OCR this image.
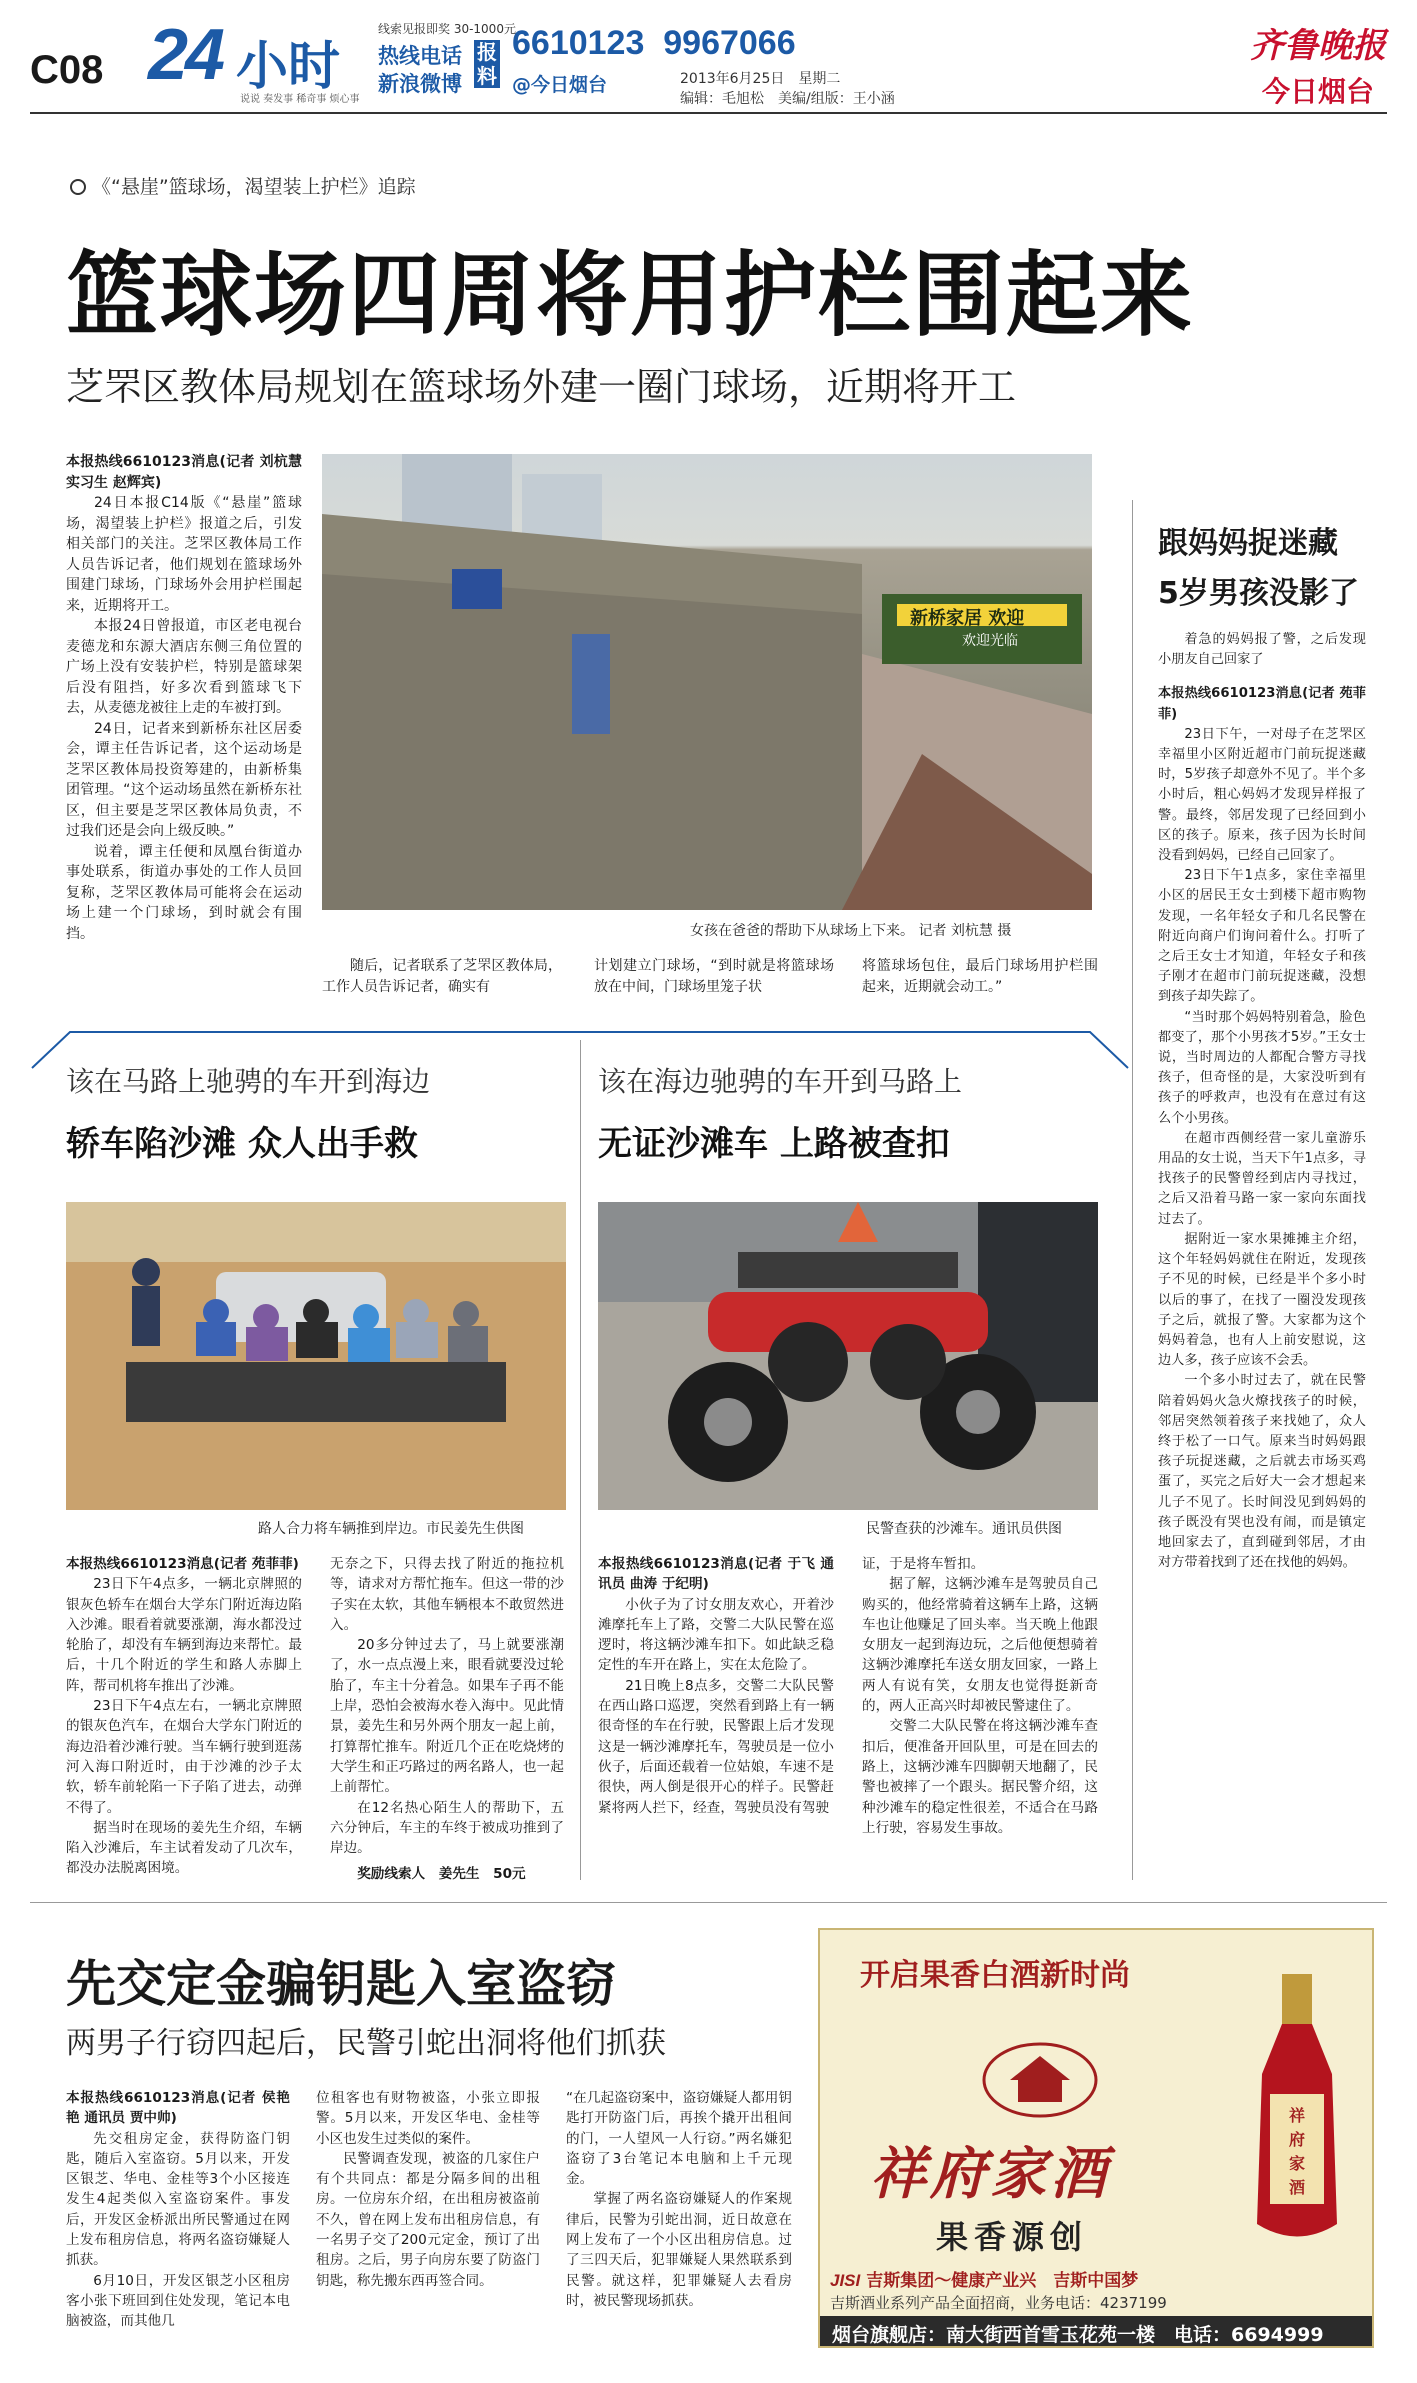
C08 24 小时
说说 奏发事 稀奇事 烦心事
线索见报即奖 30-1000元
热线电话
新浪微博
报料
6610123  9967066
@今日烟台	2013年6月25日　星期二
编辑：毛旭松　美编/组版：王小涵
齐鲁晚报
今日烟台
《“悬崖”篮球场，渴望装上护栏》追踪
篮球场四周将用护栏围起来
芝罘区教体局规划在篮球场外建一圈门球场，近期将开工

本报热线6610123消息(记者 刘杭慧 实习生 赵辉宾)

24日本报C14版《“悬崖”篮球场，渴望装上护栏》报道之后，引发相关部门的关注。芝罘区教体局工作人员告诉记者，他们规划在篮球场外围建门球场，门球场外会用护栏围起来，近期将开工。

本报24日曾报道，市区老电视台麦德龙和东源大酒店东侧三角位置的广场上没有安装护栏，特别是篮球架后没有阻挡，好多次看到篮球飞下去，从麦德龙被往上走的车被打到。

24日，记者来到新桥东社区居委会，谭主任告诉记者，这个运动场是芝罘区教体局投资筹建的，由新桥集团管理。“这个运动场虽然在新桥东社区，但主要是芝罘区教体局负责，不过我们还是会向上级反映。”

说着，谭主任便和凤凰台街道办事处联系，街道办事处的工作人员回复称，芝罘区教体局可能将会在运动场上建一个门球场，到时就会有围挡。

新桥家居 欢迎
欢迎光临
女孩在爸爸的帮助下从球场上下来。 记者 刘杭慧 摄

随后，记者联系了芝罘区教体局，工作人员告诉记者，确实有

计划建立门球场，“到时就是将篮球场放在中间，门球场里笼子状

将篮球场包住，最后门球场用护栏围起来，近期就会动工。”

跟妈妈捉迷藏
5岁男孩没影了

着急的妈妈报了警，之后发现小朋友自己回家了

本报热线6610123消息(记者 苑菲菲)

23日下午，一对母子在芝罘区幸福里小区附近超市门前玩捉迷藏时，5岁孩子却意外不见了。半个多小时后，粗心妈妈才发现异样报了警。最终，邻居发现了已经回到小区的孩子。原来，孩子因为长时间没看到妈妈，已经自己回家了。

23日下午1点多，家住幸福里小区的居民王女士到楼下超市购物发现，一名年轻女子和几名民警在附近向商户们询问着什么。打听了之后王女士才知道，年轻女子和孩子刚才在超市门前玩捉迷藏，没想到孩子却失踪了。

“当时那个妈妈特别着急，脸色都变了，那个小男孩才5岁。”王女士说，当时周边的人都配合警方寻找孩子，但奇怪的是，大家没听到有孩子的呼救声，也没有在意过有这么个小男孩。

在超市西侧经营一家儿童游乐用品的女士说，当天下午1点多，寻找孩子的民警曾经到店内寻找过，之后又沿着马路一家一家向东面找过去了。

据附近一家水果摊摊主介绍，这个年轻妈妈就住在附近，发现孩子不见的时候，已经是半个多小时以后的事了，在找了一圈没发现孩子之后，就报了警。大家都为这个妈妈着急，也有人上前安慰说，这边人多，孩子应该不会丢。

一个多小时过去了，就在民警陪着妈妈火急火燎找孩子的时候，邻居突然领着孩子来找她了，众人终于松了一口气。原来当时妈妈跟孩子玩捉迷藏，之后就去市场买鸡蛋了，买完之后好大一会才想起来儿子不见了。长时间没见到妈妈的孩子既没有哭也没有闹，而是镇定地回家去了，直到碰到邻居，才由对方带着找到了还在找他的妈妈。

该在马路上驰骋的车开到海边
轿车陷沙滩 众人出手救
路人合力将车辆推到岸边。市民姜先生供图

本报热线6610123消息(记者 苑菲菲)

23日下午4点多，一辆北京牌照的银灰色轿车在烟台大学东门附近海边陷入沙滩。眼看着就要涨潮，海水都没过轮胎了，却没有车辆到海边来帮忙。最后，十几个附近的学生和路人赤脚上阵，帮司机将车推出了沙滩。

23日下午4点左右，一辆北京牌照的银灰色汽车，在烟台大学东门附近的海边沿着沙滩行驶。当车辆行驶到逛荡河入海口附近时，由于沙滩的沙子太软，轿车前轮陷一下子陷了进去，动弹不得了。

据当时在现场的姜先生介绍，车辆陷入沙滩后，车主试着发动了几次车，都没办法脱离困境。

无奈之下，只得去找了附近的拖拉机等，请求对方帮忙拖车。但这一带的沙子实在太软，其他车辆根本不敢贸然进入。

20多分钟过去了，马上就要涨潮了，水一点点漫上来，眼看就要没过轮胎了，车主十分着急。如果车子再不能上岸，恐怕会被海水卷入海中。见此情景，姜先生和另外两个朋友一起上前，打算帮忙推车。附近几个正在吃烧烤的大学生和正巧路过的两名路人，也一起上前帮忙。

在12名热心陌生人的帮助下，五六分钟后，车主的车终于被成功推到了岸边。

奖励线索人　姜先生　50元

该在海边驰骋的车开到马路上
无证沙滩车 上路被查扣
民警查获的沙滩车。通讯员供图

本报热线6610123消息(记者 于飞 通讯员 曲涛 于纪明)

小伙子为了讨女朋友欢心，开着沙滩摩托车上了路，交警二大队民警在巡逻时，将这辆沙滩车扣下。如此缺乏稳定性的车开在路上，实在太危险了。

21日晚上8点多，交警二大队民警在西山路口巡逻，突然看到路上有一辆很奇怪的车在行驶，民警跟上后才发现这是一辆沙滩摩托车，驾驶员是一位小伙子，后面还载着一位姑娘，车速不是很快，两人倒是很开心的样子。民警赶紧将两人拦下，经查，驾驶员没有驾驶

证，于是将车暂扣。

据了解，这辆沙滩车是驾驶员自己购买的，他经常骑着这辆车上路，这辆车也让他赚足了回头率。当天晚上他跟女朋友一起到海边玩，之后他便想骑着这辆沙滩摩托车送女朋友回家，一路上两人有说有笑，女朋友也觉得挺新奇的，两人正高兴时却被民警逮住了。

交警二大队民警在将这辆沙滩车查扣后，便准备开回队里，可是在回去的路上，这辆沙滩车四脚朝天地翻了，民警也被摔了一个跟头。据民警介绍，这种沙滩车的稳定性很差，不适合在马路上行驶，容易发生事故。

先交定金骗钥匙入室盗窃
两男子行窃四起后，民警引蛇出洞将他们抓获

本报热线6610123消息(记者 侯艳艳 通讯员 贾中帅)

先交租房定金，获得防盗门钥匙，随后入室盗窃。5月以来，开发区银芝、华电、金桂等3个小区接连发生4起类似入室盗窃案件。事发后，开发区金桥派出所民警通过在网上发布租房信息，将两名盗窃嫌疑人抓获。

6月10日，开发区银芝小区租房客小张下班回到住处发现，笔记本电脑被盗，而其他几

位租客也有财物被盗，小张立即报警。5月以来，开发区华电、金桂等小区也发生过类似的案件。

民警调查发现，被盗的几家住户有个共同点：都是分隔多间的出租房。一位房东介绍，在出租房被盗前不久，曾在网上发布出租房信息，有一名男子交了200元定金，预订了出租房。之后，男子向房东要了防盗门钥匙，称先搬东西再签合同。

“在几起盗窃案中，盗窃嫌疑人都用钥匙打开防盗门后，再挨个撬开出租间的门，一人望风一人行窃。”两名嫌犯盗窃了3台笔记本电脑和上千元现金。

掌握了两名盗窃嫌疑人的作案规律后，民警为引蛇出洞，近日故意在网上发布了一个小区出租房信息。过了三四天后，犯罪嫌疑人果然联系到民警。就这样，犯罪嫌疑人去看房时，被民警现场抓获。

开启果香白酒新时尚
祥府家酒
果香源创
祥府家酒
JISI 吉斯集团～健康产业兴　吉斯中国梦
吉斯酒业系列产品全面招商，业务电话：4237199
烟台旗舰店：南大街西首雪玉花苑一楼　电话：6694999
